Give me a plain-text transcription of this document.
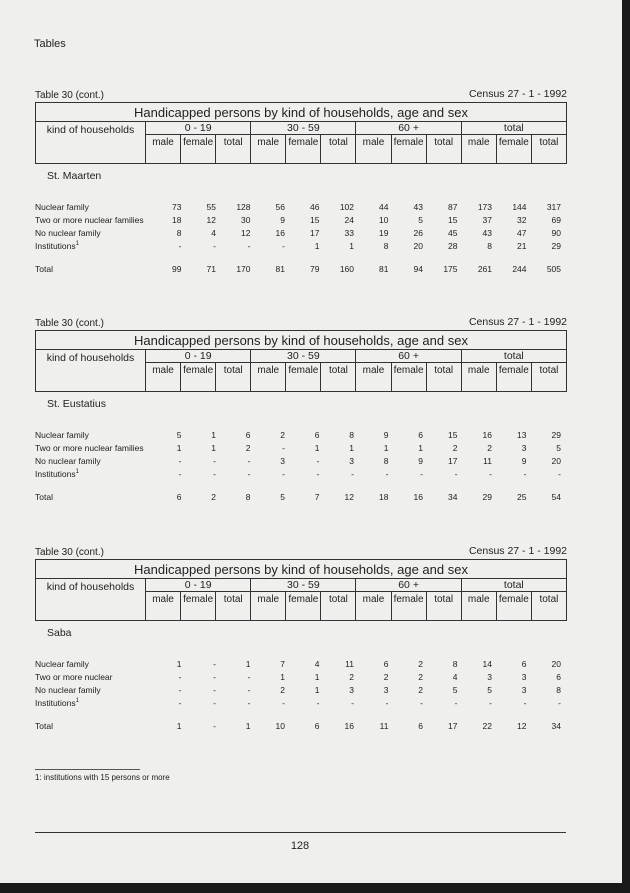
Tables
Table 30 (cont.)	Census 27 - 1 - 1992
Handicapped persons by kind of households, age and sex												
kind of households	0 - 19			30 - 59			60 +			total		
	male	female	total	male	female	total	male	female	total	male	female	total
St. Maarten
Nuclear family	73	55	128	56	46	102	44	43	87	173	144	317
Two or more nuclear families	18	12	30	9	15	24	10	5	15	37	32	69
No nuclear family	8	4	12	16	17	33	19	26	45	43	47	90
Institutions$^1$	-	-	-	-	1	1	8	20	28	8	21	29

Total	99	71	170	81	79	160	81	94	175	261	244	505
Table 30 (cont.)	Census 27 - 1 - 1992
Handicapped persons by kind of households, age and sex												
kind of households	0 - 19			30 - 59			60 +			total		
	male	female	total	male	female	total	male	female	total	male	female	total
St. Eustatius
Nuclear family	5	1	6	2	6	8	9	6	15	16	13	29
Two or more nuclear families	1	1	2	-	1	1	1	1	2	2	3	5
No nuclear family	-	-	-	3	-	3	8	9	17	11	9	20
Institutions$^1$	-	-	-	-	-	-	-	-	-	-	-	-

Total	6	2	8	5	7	12	18	16	34	29	25	54
Table 30 (cont.)	Census 27 - 1 - 1992
Handicapped persons by kind of households, age and sex												
kind of households	0 - 19			30 - 59			60 +			total		
	male	female	total	male	female	total	male	female	total	male	female	total
Saba
Nuclear family	1	-	1	7	4	11	6	2	8	14	6	20
Two or more nuclear	-	-	-	1	1	2	2	2	4	3	3	6
No nuclear family	-	-	-	2	1	3	3	2	5	5	3	8
Institutions$^1$	-	-	-	-	-	-	-	-	-	-	-	-

Total	1	-	1	10	6	16	11	6	17	22	12	34
1: institutions with 15 persons or more
128
